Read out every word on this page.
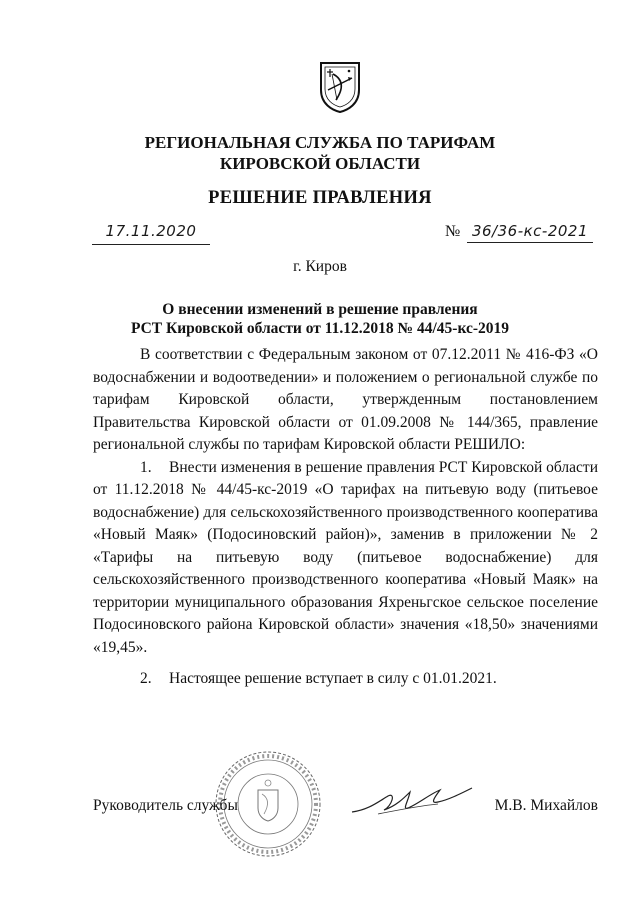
РЕГИОНАЛЬНАЯ СЛУЖБА ПО ТАРИФАМ
КИРОВСКОЙ ОБЛАСТИ
РЕШЕНИЕ ПРАВЛЕНИЯ
17.11.2020	№ 36/36-кс-2021
г. Киров
О внесении изменений в решение правления
РСТ Кировской области от 11.12.2018 № 44/45-кс-2019

В соответствии с Федеральным законом от 07.12.2011 № 416-ФЗ «О водоснабжении и водоотведении» и положением о региональной службе по тарифам Кировской области, утвержденным постановлением Правительства Кировской области от 01.09.2008 № 144/365, правление региональной службы по тарифам Кировской области РЕШИЛО:

1. Внести изменения в решение правления РСТ Кировской области от 11.12.2018 № 44/45-кс-2019 «О тарифах на питьевую воду (питьевое водоснабжение) для сельскохозяйственного производственного кооператива «Новый Маяк» (Подосиновский район)», заменив в приложении № 2 «Тарифы на питьевую воду (питьевое водоснабжение) для сельскохозяйственного производственного кооператива «Новый Маяк» на территории муниципального образования Яхреньгское сельское поселение Подосиновского района Кировской области» значения «18,50» значениями «19,45».

2. Настоящее решение вступает в силу с 01.01.2021.

Руководитель службы	М.В. Михайлов
